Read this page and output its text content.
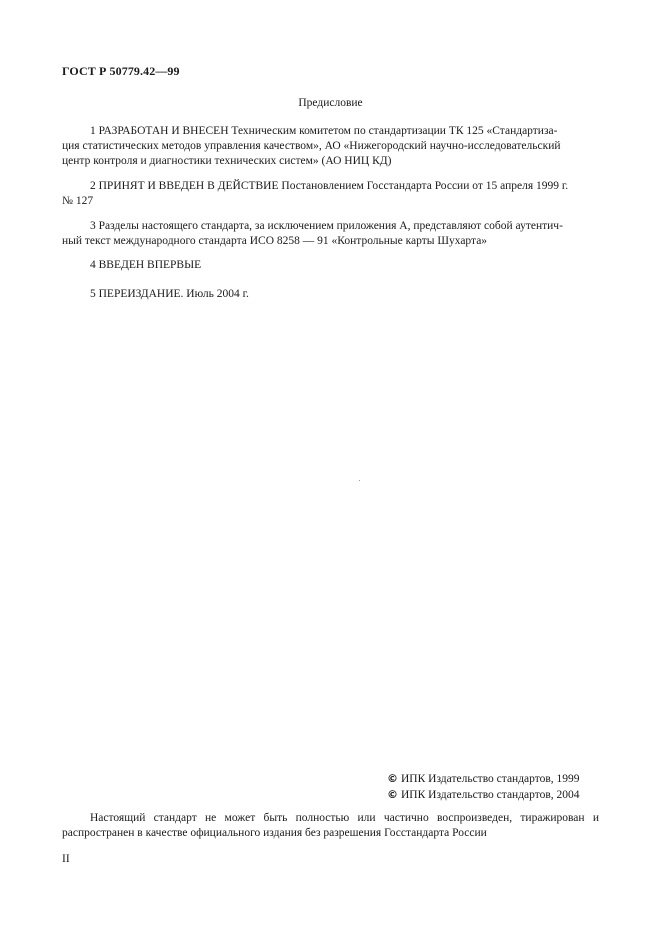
ГОСТ Р 50779.42—99
Предисловие
1 РАЗРАБОТАН И ВНЕСЕН Техническим комитетом по стандартизации ТК 125 «Стандартиза-
ция статистических методов управления качеством», АО «Нижегородский научно-исследовательский
центр контроля и диагностики технических систем» (АО НИЦ КД)
2 ПРИНЯТ И ВВЕДЕН В ДЕЙСТВИЕ Постановлением Госстандарта России от 15 апреля 1999 г.
№ 127
3 Разделы настоящего стандарта, за исключением приложения А, представляют собой аутентич-
ный текст международного стандарта ИСО 8258 — 91 «Контрольные карты Шухарта»
4 ВВЕДЕН ВПЕРВЫЕ
5 ПЕРЕИЗДАНИЕ. Июль 2004 г.
© ИПК Издательство стандартов, 1999
© ИПК Издательство стандартов, 2004
Настоящий стандарт не может быть полностью или частично воспроизведен, тиражирован и
распространен в качестве официального издания без разрешения Госстандарта России
II
